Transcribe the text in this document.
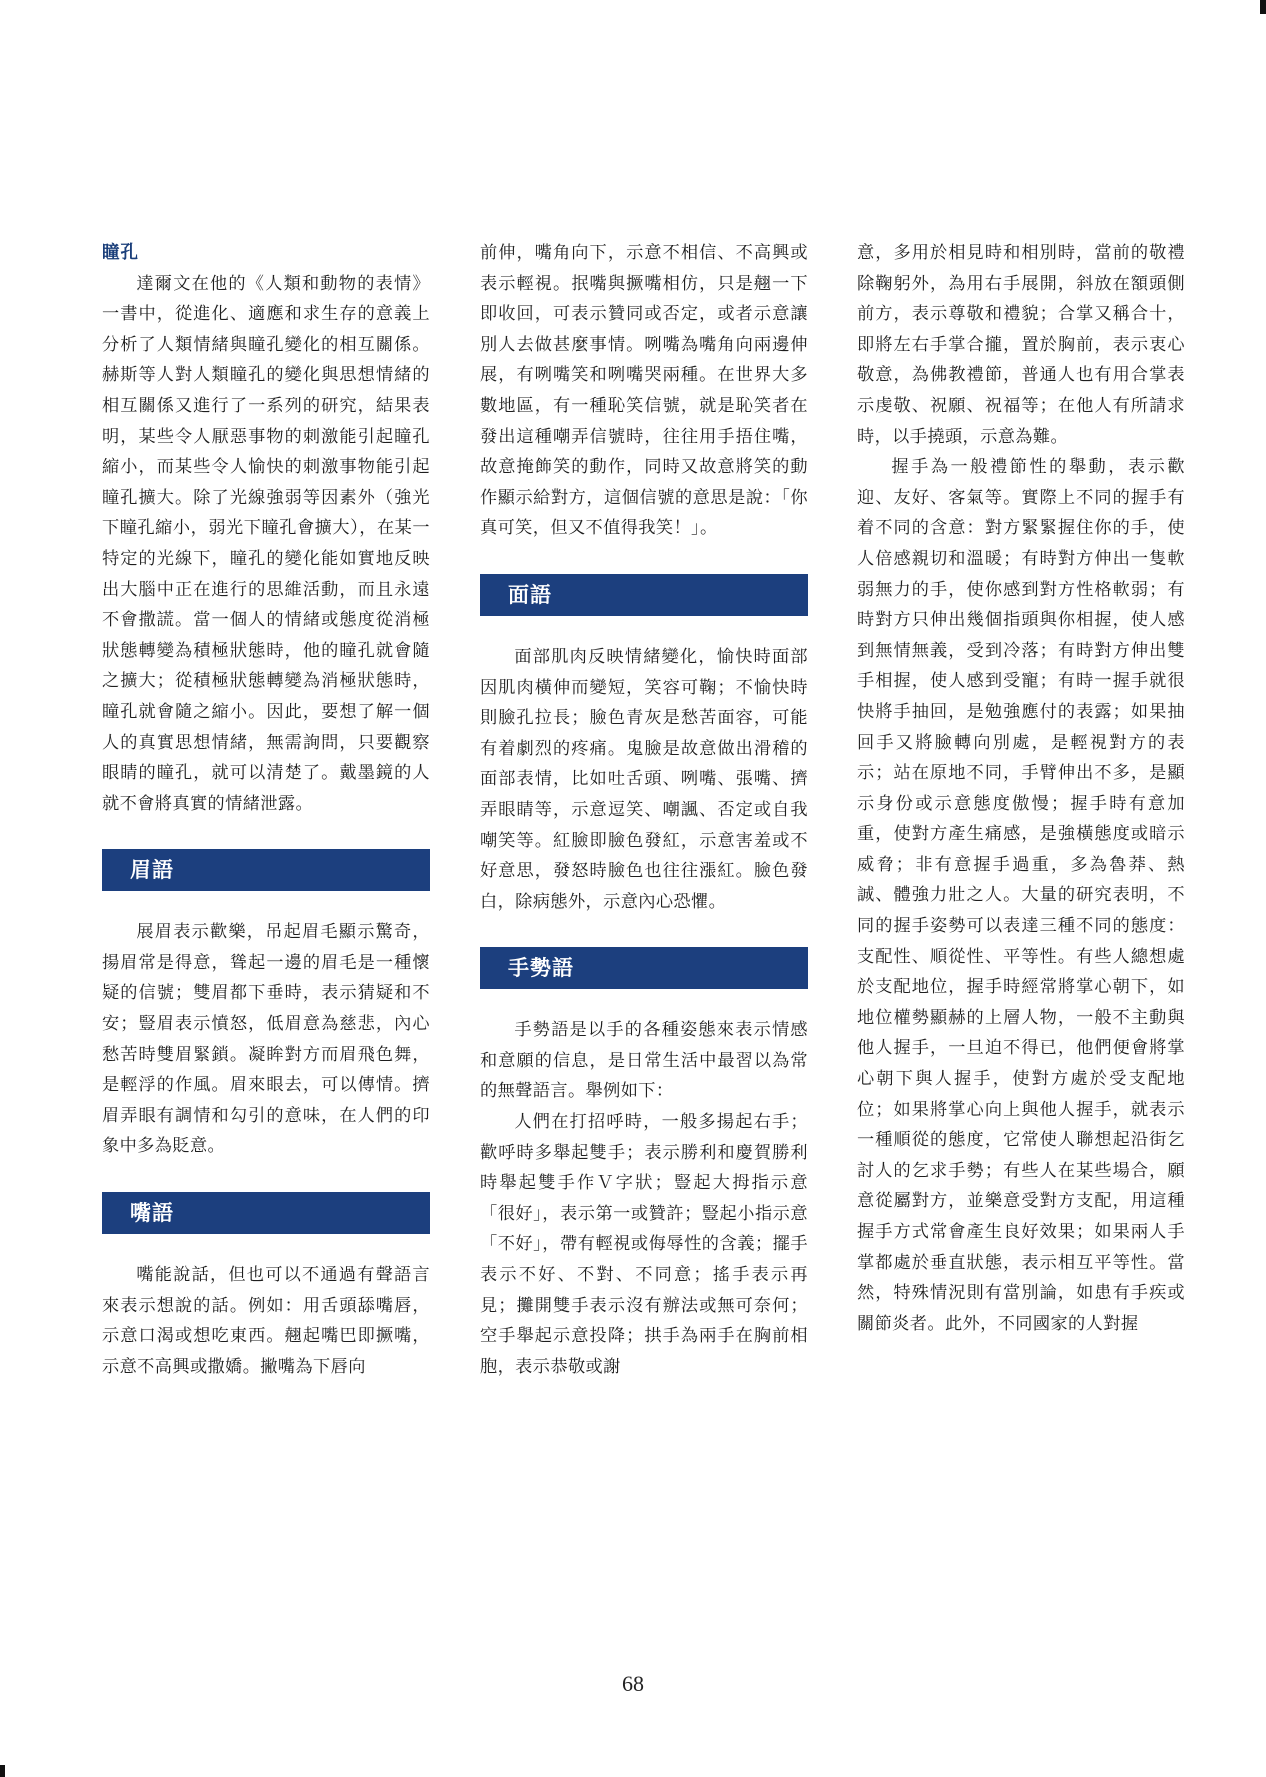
瞳孔

達爾文在他的《人類和動物的表情》一書中，從進化、適應和求生存的意義上分析了人類情緒與瞳孔變化的相互關係。赫斯等人對人類瞳孔的變化與思想情緒的相互關係又進行了一系列的研究，結果表明，某些令人厭惡事物的刺激能引起瞳孔縮小，而某些令人愉快的刺激事物能引起瞳孔擴大。除了光線強弱等因素外（強光下瞳孔縮小，弱光下瞳孔會擴大），在某一特定的光線下，瞳孔的變化能如實地反映出大腦中正在進行的思維活動，而且永遠不會撒謊。當一個人的情緒或態度從消極狀態轉變為積極狀態時，他的瞳孔就會隨之擴大；從積極狀態轉變為消極狀態時，瞳孔就會隨之縮小。因此，要想了解一個人的真實思想情緒，無需詢問，只要觀察眼睛的瞳孔，就可以清楚了。戴墨鏡的人就不會將真實的情緒泄露。

眉語

展眉表示歡樂，吊起眉毛顯示驚奇，揚眉常是得意，聳起一邊的眉毛是一種懷疑的信號；雙眉都下垂時，表示猜疑和不安；豎眉表示憤怒，低眉意為慈悲，內心愁苦時雙眉緊鎖。凝眸對方而眉飛色舞，是輕浮的作風。眉來眼去，可以傳情。擠眉弄眼有調情和勾引的意味，在人們的印象中多為貶意。

嘴語

嘴能說話，但也可以不通過有聲語言來表示想說的話。例如：用舌頭舔嘴唇，示意口渴或想吃東西。翹起嘴巴即撅嘴，示意不高興或撒嬌。撇嘴為下唇向

前伸，嘴角向下，示意不相信、不高興或表示輕視。抿嘴與撅嘴相仿，只是翹一下即收回，可表示贊同或否定，或者示意讓別人去做甚麼事情。咧嘴為嘴角向兩邊伸展，有咧嘴笑和咧嘴哭兩種。在世界大多數地區，有一種恥笑信號，就是恥笑者在發出這種嘲弄信號時，往往用手捂住嘴，故意掩飾笑的動作，同時又故意將笑的動作顯示給對方，這個信號的意思是說：「你真可笑，但又不值得我笑！」。

面語

面部肌肉反映情緒變化，愉快時面部因肌肉橫伸而變短，笑容可鞠；不愉快時則臉孔拉長；臉色青灰是愁苦面容，可能有着劇烈的疼痛。鬼臉是故意做出滑稽的面部表情，比如吐舌頭、咧嘴、張嘴、擠弄眼睛等，示意逗笑、嘲諷、否定或自我嘲笑等。紅臉即臉色發紅，示意害羞或不好意思，發怒時臉色也往往漲紅。臉色發白，除病態外，示意內心恐懼。

手勢語

手勢語是以手的各種姿態來表示情感和意願的信息，是日常生活中最習以為常的無聲語言。舉例如下：

人們在打招呼時，一般多揚起右手；歡呼時多舉起雙手；表示勝利和慶賀勝利時舉起雙手作Ｖ字狀；豎起大拇指示意「很好」，表示第一或贊許；豎起小指示意「不好」，帶有輕視或侮辱性的含義；擺手表示不好、不對、不同意；搖手表示再見；攤開雙手表示沒有辦法或無可奈何；空手舉起示意投降；拱手為兩手在胸前相胞，表示恭敬或謝

意，多用於相見時和相別時，當前的敬禮除鞠躬外，為用右手展開，斜放在額頭側前方，表示尊敬和禮貌；合掌又稱合十，即將左右手掌合攏，置於胸前，表示衷心敬意，為佛教禮節，普通人也有用合掌表示虔敬、祝願、祝福等；在他人有所請求時，以手撓頭，示意為難。

握手為一般禮節性的舉動，表示歡迎、友好、客氣等。實際上不同的握手有着不同的含意：對方緊緊握住你的手，使人倍感親切和溫暖；有時對方伸出一隻軟弱無力的手，使你感到對方性格軟弱；有時對方只伸出幾個指頭與你相握，使人感到無情無義，受到冷落；有時對方伸出雙手相握，使人感到受寵；有時一握手就很快將手抽回，是勉強應付的表露；如果抽回手又將臉轉向別處，是輕視對方的表示；站在原地不同，手臂伸出不多，是顯示身份或示意態度傲慢；握手時有意加重，使對方產生痛感，是強橫態度或暗示威脅；非有意握手過重，多為魯莽、熱誠、體強力壯之人。大量的研究表明，不同的握手姿勢可以表達三種不同的態度：支配性、順從性、平等性。有些人總想處於支配地位，握手時經常將掌心朝下，如地位權勢顯赫的上層人物，一般不主動與他人握手，一旦迫不得已，他們便會將掌心朝下與人握手，使對方處於受支配地位；如果將掌心向上與他人握手，就表示一種順從的態度，它常使人聯想起沿街乞討人的乞求手勢；有些人在某些場合，願意從屬對方，並樂意受對方支配，用這種握手方式常會產生良好效果；如果兩人手掌都處於垂直狀態，表示相互平等性。當然，特殊情況則有當別論，如患有手疾或關節炎者。此外，不同國家的人對握

68
